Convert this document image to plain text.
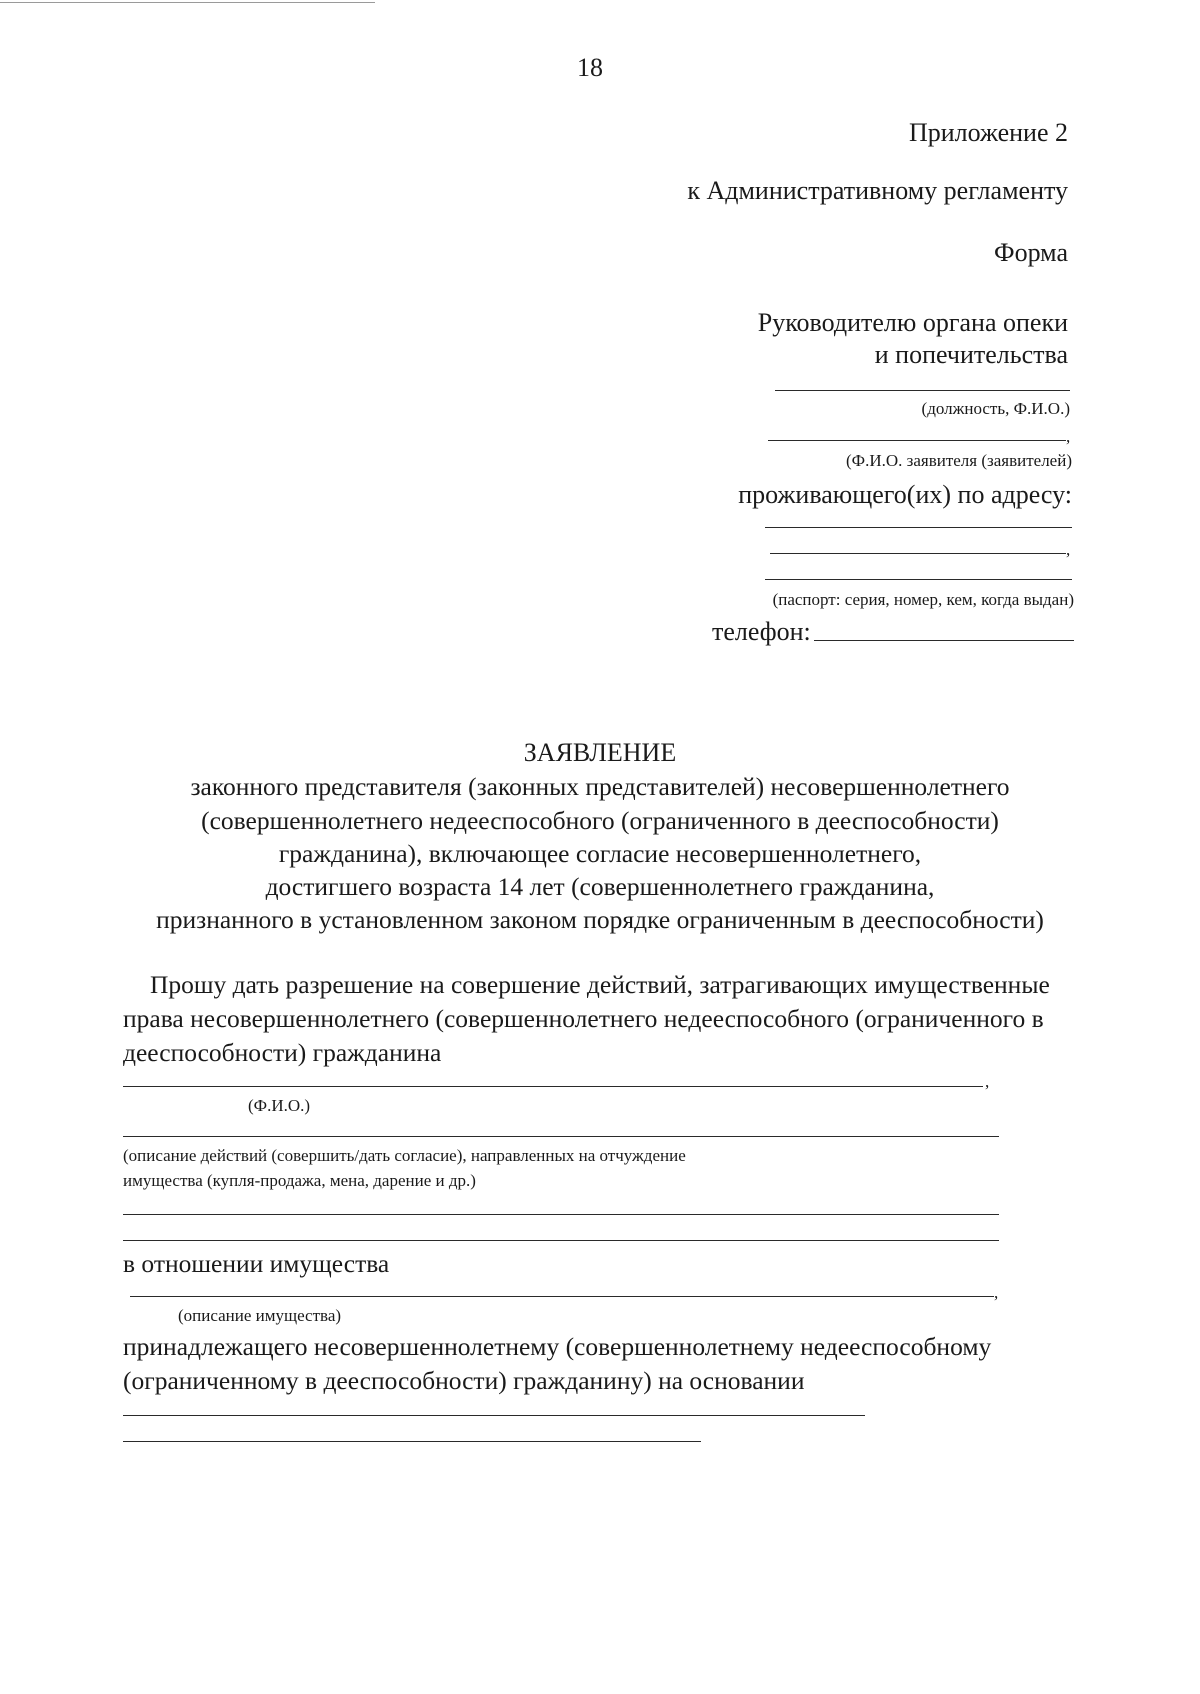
18
Приложение 2
к Административному регламенту
Форма
Руководителю органа опеки
и попечительства
(должность, Ф.И.О.)
,
(Ф.И.О. заявителя (заявителей)
проживающего(их) по адресу:
,
(паспорт: серия, номер, кем, когда выдан)
телефон:
ЗАЯВЛЕНИЕ
законного представителя (законных представителей) несовершеннолетнего
(совершеннолетнего недееспособного (ограниченного в дееспособности)
гражданина), включающее согласие несовершеннолетнего,
достигшего возраста 14 лет (совершеннолетнего гражданина,
признанного в установленном законом порядке ограниченным в дееспособности)
Прошу дать разрешение на совершение действий, затрагивающих имущественные
права несовершеннолетнего (совершеннолетнего недееспособного (ограниченного в
дееспособности) гражданина
,
(Ф.И.О.)
(описание действий (совершить/дать согласие), направленных на отчуждение
имущества (купля-продажа, мена, дарение и др.)
в отношении имущества
,
(описание имущества)
принадлежащего несовершеннолетнему (совершеннолетнему недееспособному
(ограниченному в дееспособности) гражданину) на основании
